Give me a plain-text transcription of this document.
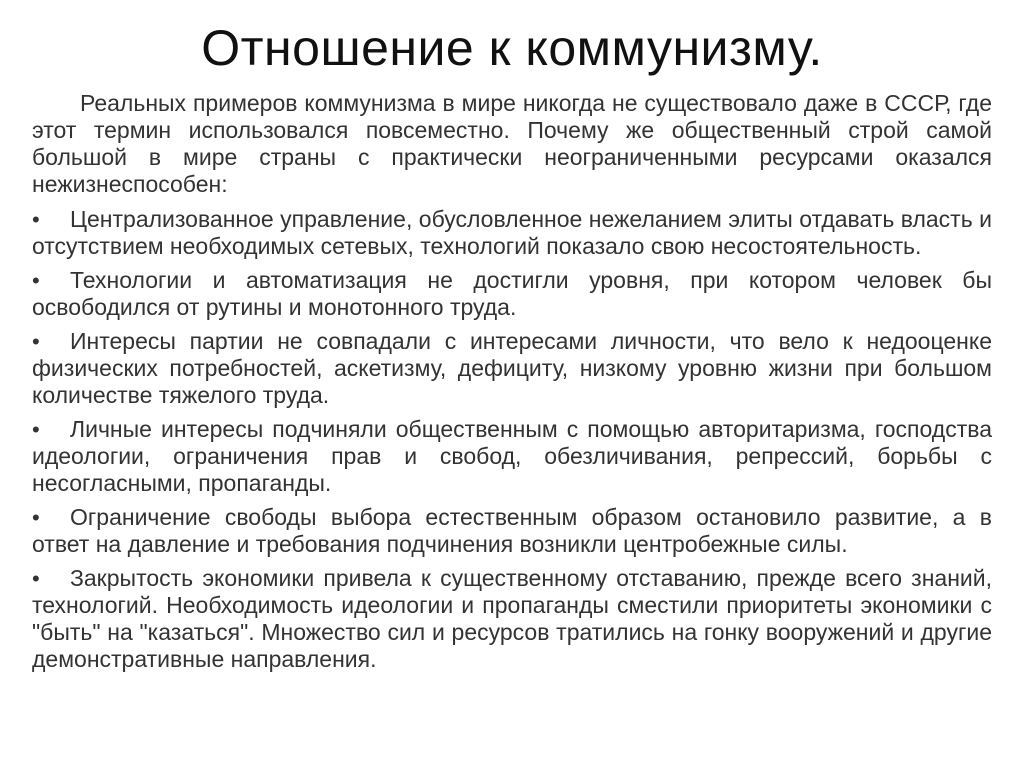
Отношение к коммунизму.

Реальных примеров коммунизма в мире никогда не существовало даже в СССР, где этот термин использовался повсеместно. Почему же общественный строй самой большой в мире страны с практически неограниченными ресурсами оказался нежизнеспособен:

•	Централизованное управление, обусловленное нежеланием элиты отдавать власть и отсутствием необходимых сетевых, технологий показало свою несостоятельность.
•	Технологии и автоматизация не достигли уровня, при котором человек бы освободился от рутины и монотонного труда.
•	Интересы партии не совпадали с интересами личности, что вело к недооценке физических потребностей, аскетизму, дефициту, низкому уровню жизни при большом количестве тяжелого труда.
•	Личные интересы подчиняли общественным с помощью авторитаризма, господства идеологии, ограничения прав и свобод, обезличивания, репрессий, борьбы с несогласными, пропаганды.
•	Ограничение свободы выбора естественным образом остановило развитие, а в ответ на давление и требования подчинения возникли центробежные силы.
•	Закрытость экономики привела к существенному отставанию, прежде всего знаний, технологий. Необходимость идеологии и пропаганды сместили приоритеты экономики с "быть" на "казаться". Множество сил и ресурсов тратились на гонку вооружений и другие демонстративные направления.
